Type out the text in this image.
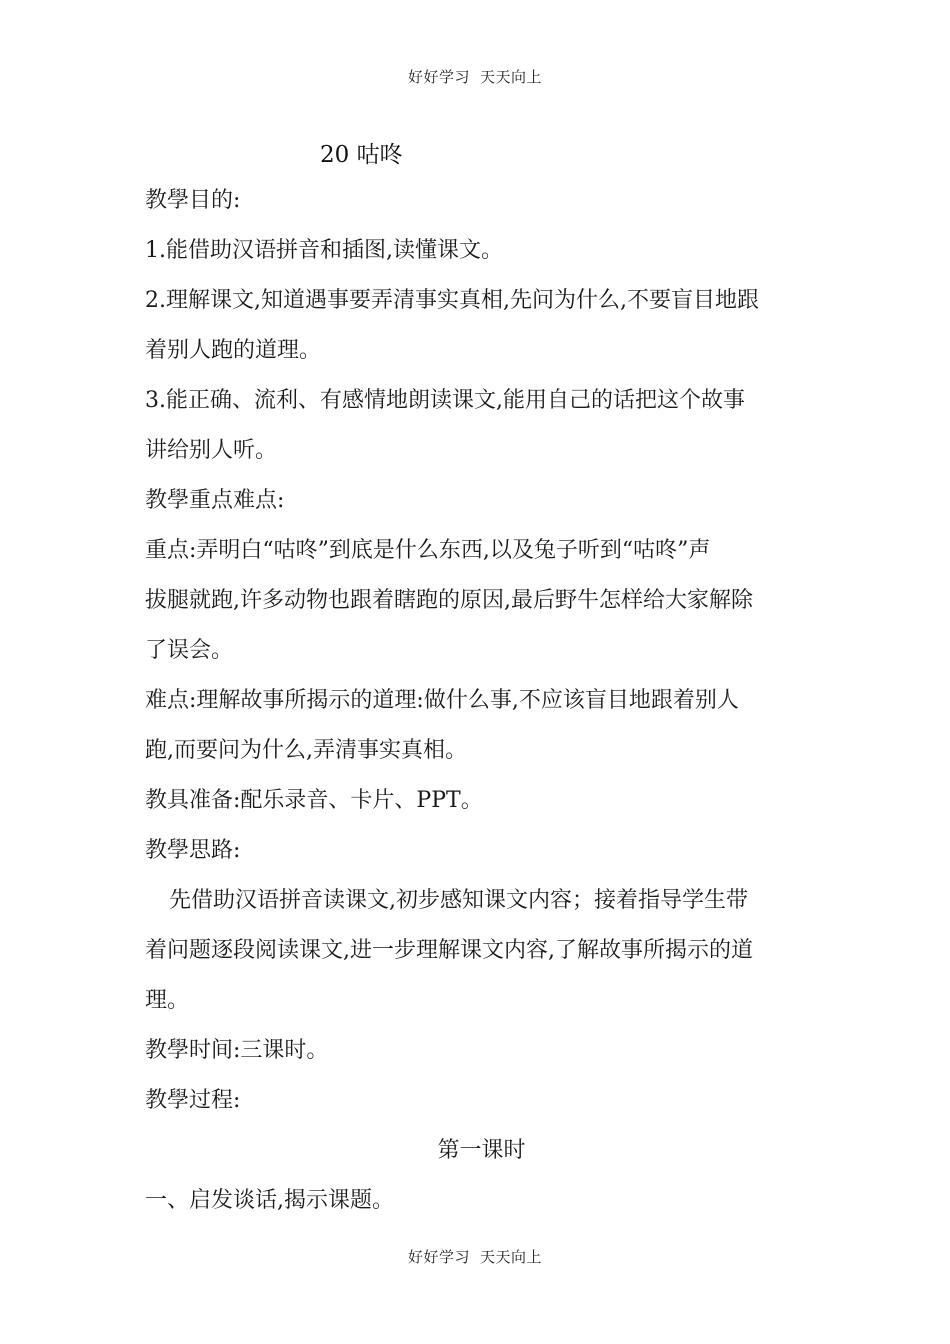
好好学习 天天向上
20 咕咚
教學目的:
1.能借助汉语拼音和插图,读懂课文。
2.理解课文,知道遇事要弄清事实真相,先问为什么,不要盲目地跟
着别人跑的道理。
3.能正确、流利、有感情地朗读课文,能用自己的话把这个故事
讲给别人听。
教學重点难点:
重点:弄明白“咕咚”到底是什么东西,以及兔子听到“咕咚”声
拔腿就跑,许多动物也跟着瞎跑的原因,最后野牛怎样给大家解除
了误会。
难点:理解故事所揭示的道理:做什么事,不应该盲目地跟着别人
跑,而要问为什么,弄清事实真相。
教具准备:配乐录音、卡片、PPT。
教學思路:
先借助汉语拼音读课文,初步感知课文内容；接着指导学生带
着问题逐段阅读课文,进一步理解课文内容,了解故事所揭示的道
理。
教學时间:三课时。
教學过程:
第一课时
一、启发谈话,揭示课题。
好好学习 天天向上
